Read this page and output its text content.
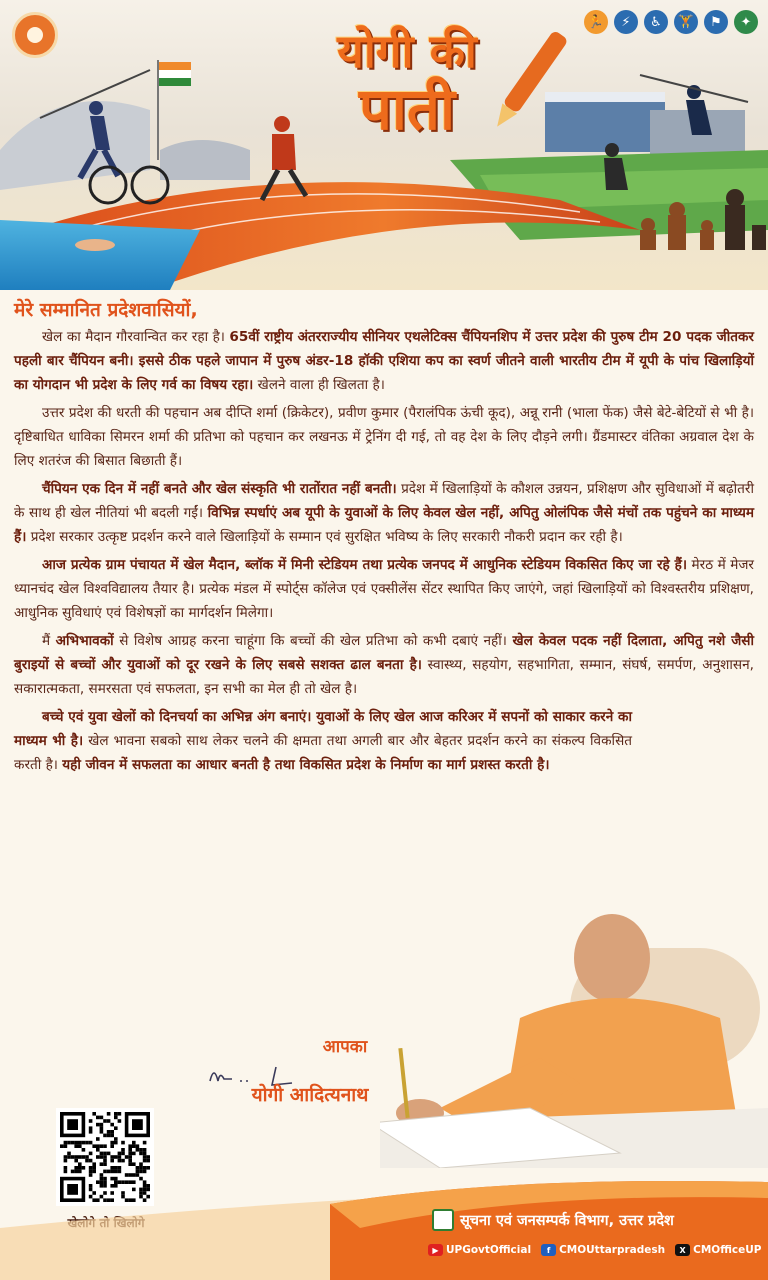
🏃	⚡	♿	🏋	⚑	✦
योगी की
पाती
मेरे सम्मानित प्रदेशवासियों,

खेल का मैदान गौरवान्वित कर रहा है। 65वीं राष्ट्रीय अंतरराज्यीय सीनियर एथलेटिक्स चैंपियनशिप में उत्तर प्रदेश की पुरुष टीम 20 पदक जीतकर पहली बार चैंपियन बनी। इससे ठीक पहले जापान में पुरुष अंडर-18 हॉकी एशिया कप का स्वर्ण जीतने वाली भारतीय टीम में यूपी के पांच खिलाड़ियों का योगदान भी प्रदेश के लिए गर्व का विषय रहा। खेलने वाला ही खिलता है।

उत्तर प्रदेश की धरती की पहचान अब दीप्ति शर्मा (क्रिकेटर), प्रवीण कुमार (पैरालंपिक ऊंची कूद), अन्नू रानी (भाला फेंक) जैसे बेटे-बेटियों से भी है। दृष्टिबाधित धाविका सिमरन शर्मा की प्रतिभा को पहचान कर लखनऊ में ट्रेनिंग दी गई, तो वह देश के लिए दौड़ने लगी। ग्रैंडमास्टर वंतिका अग्रवाल देश के लिए शतरंज की बिसात बिछाती हैं।

चैंपियन एक दिन में नहीं बनते और खेल संस्कृति भी रातोंरात नहीं बनती। प्रदेश में खिलाड़ियों के कौशल उन्नयन, प्रशिक्षण और सुविधाओं में बढ़ोतरी के साथ ही खेल नीतियां भी बदली गईं। विभिन्न स्पर्धाएं अब यूपी के युवाओं के लिए केवल खेल नहीं, अपितु ओलंपिक जैसे मंचों तक पहुंचने का माध्यम हैं। प्रदेश सरकार उत्कृष्ट प्रदर्शन करने वाले खिलाड़ियों के सम्मान एवं सुरक्षित भविष्य के लिए सरकारी नौकरी प्रदान कर रही है।

आज प्रत्येक ग्राम पंचायत में खेल मैदान, ब्लॉक में मिनी स्टेडियम तथा प्रत्येक जनपद में आधुनिक स्टेडियम विकसित किए जा रहे हैं। मेरठ में मेजर ध्यानचंद खेल विश्वविद्यालय तैयार है। प्रत्येक मंडल में स्पोर्ट्स कॉलेज एवं एक्सीलेंस सेंटर स्थापित किए जाएंगे, जहां खिलाड़ियों को विश्वस्तरीय प्रशिक्षण, आधुनिक सुविधाएं एवं विशेषज्ञों का मार्गदर्शन मिलेगा।

मैं अभिभावकों से विशेष आग्रह करना चाहूंगा कि बच्चों की खेल प्रतिभा को कभी दबाएं नहीं। खेल केवल पदक नहीं दिलाता, अपितु नशे जैसी बुराइयों से बच्चों और युवाओं को दूर रखने के लिए सबसे सशक्त ढाल बनता है। स्वास्थ्य, सहयोग, सहभागिता, सम्मान, संघर्ष, समर्पण, अनुशासन, सकारात्मकता, समरसता एवं सफलता, इन सभी का मेल ही तो खेल है।

बच्चे एवं युवा खेलों को दिनचर्या का अभिन्न अंग बनाएं। युवाओं के लिए खेल आज करिअर में सपनों को साकार करने का माध्यम भी है। खेल भावना सबको साथ लेकर चलने की क्षमता तथा अगली बार और बेहतर प्रदर्शन करने का संकल्प विकसित करती है। यही जीवन में सफलता का आधार बनती है तथा विकसित प्रदेश के निर्माण का मार्ग प्रशस्त करती है।

आपका
योगी आदित्यनाथ
सूचना एवं जनसम्पर्क विभाग, उत्तर प्रदेश
▶ UPGovtOfficial	f CMOUttarpradesh	X CMOfficeUP
